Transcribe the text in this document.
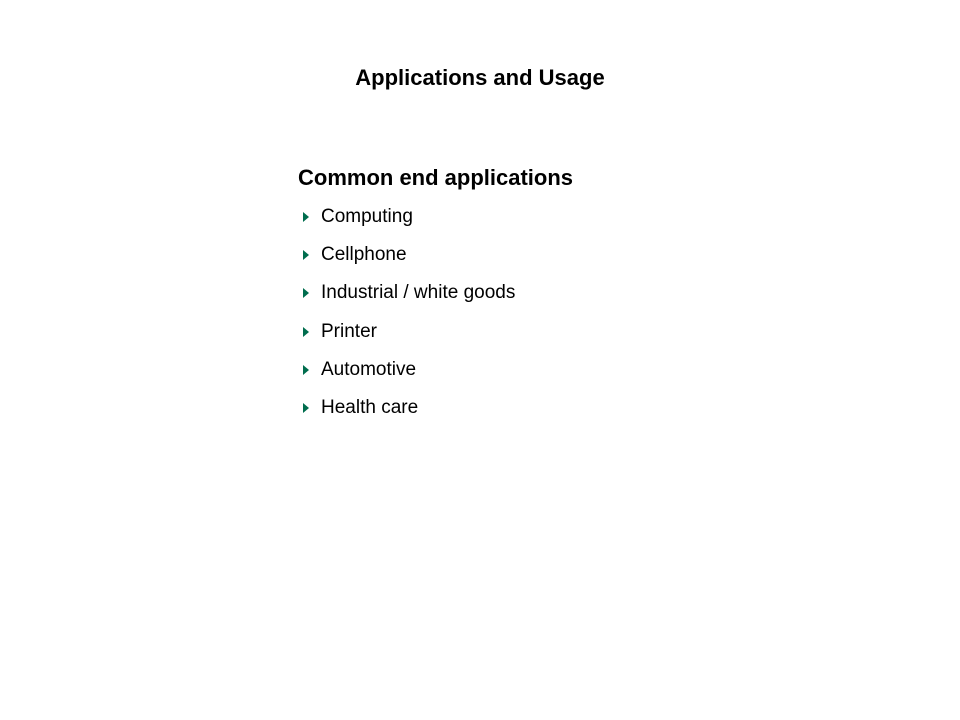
Applications and Usage
Common end applications
Computing
Cellphone
Industrial / white goods
Printer
Automotive
Health care
